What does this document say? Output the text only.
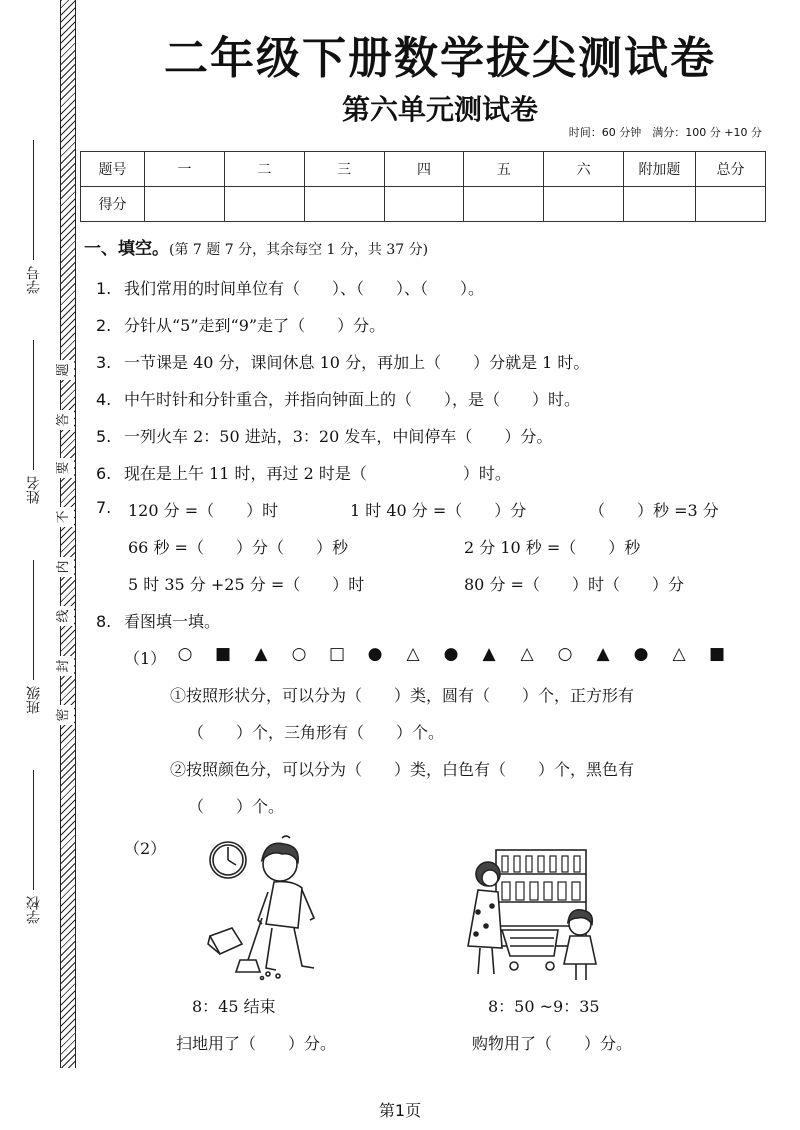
学号
姓名
班级
学校
题
答
要
不
内
线
封
密
二年级下册数学拔尖测试卷
第六单元测试卷
时间：60 分钟　满分：100 分 +10 分
题号	一	二	三	四	五	六	附加题	总分
得分								
一、填空。(第 7 题 7 分，其余每空 1 分，共 37 分)
1. 我们常用的时间单位有（　　）、（　　）、（　　）。
2. 分针从“5”走到“9”走了（　　）分。
3. 一节课是 40 分，课间休息 10 分，再加上（　　）分就是 1 时。
4. 中午时针和分针重合，并指向钟面上的（　　），是（　　）时。
5. 一列火车 2：50 进站，3：20 发车，中间停车（　　）分。
6. 现在是上午 11 时，再过 2 时是（　　　　　　）时。
7.	120 分 =（　　）时	1 时 40 分 =（　　）分	（　　）秒 =3 分
66 秒 =（　　）分（　　）秒	2 分 10 秒 =（　　）秒
5 时 35 分 +25 分 =（　　）时	80 分 =（　　）时（　　）分
8. 看图填一填。
（1） ○ ■ ▲ ○ □ ● △ ● ▲ △ ○ ▲ ● △ ■
①按照形状分，可以分为（　　）类，圆有（　　）个，正方形有
（　　）个，三角形有（　　）个。
②按照颜色分，可以分为（　　）类，白色有（　　）个，黑色有
（　　）个。
（2）
8：45 结束	8：50 ~9：35
扫地用了（　　）分。	购物用了（　　）分。
第1页
